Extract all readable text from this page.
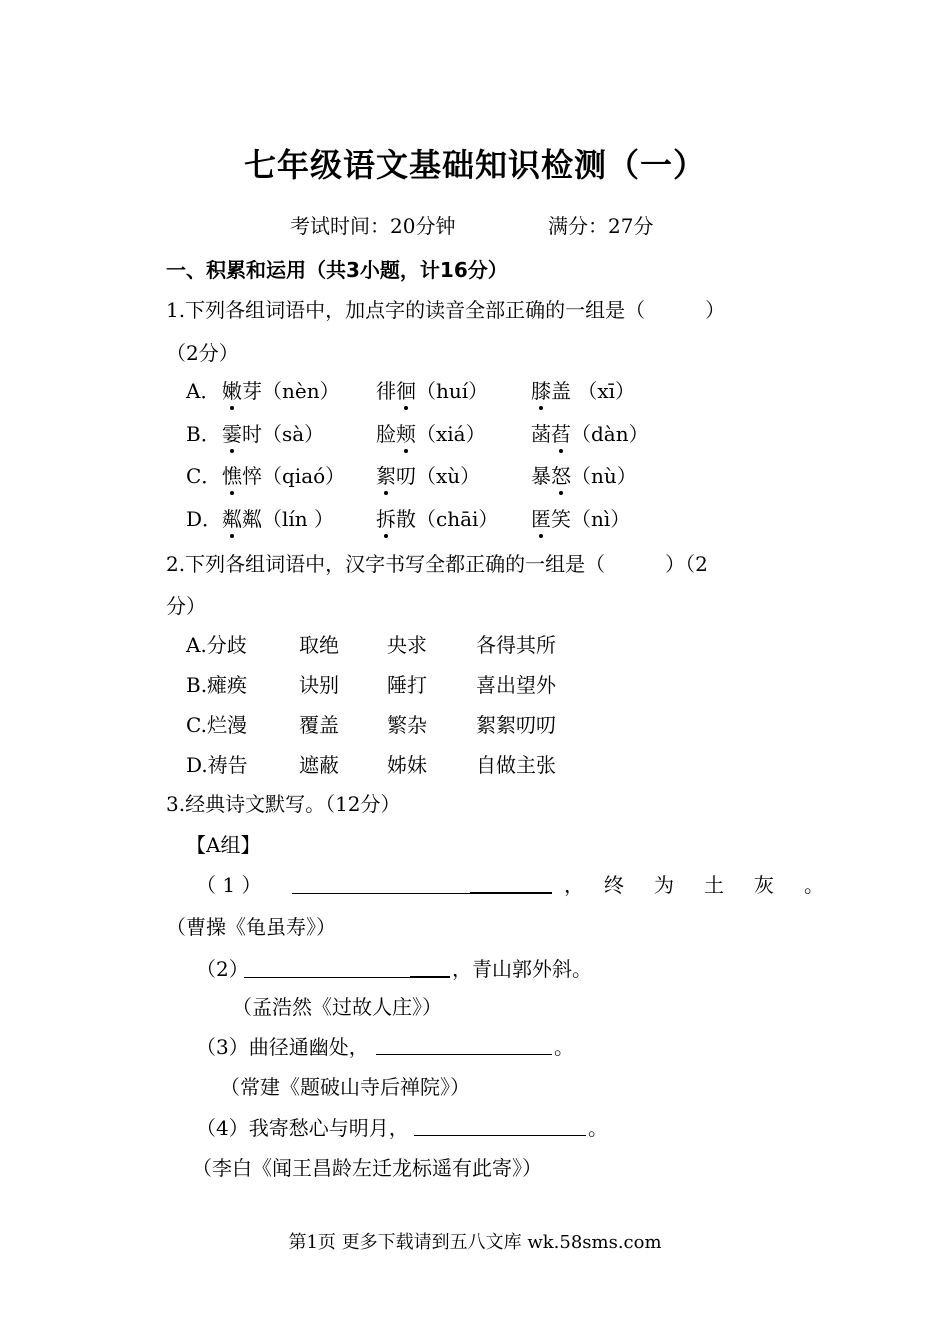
七年级语文基础知识检测（一）
考试时间：20分钟	满分：27分
一、积累和运用（共3小题，计16分）
1.下列各组词语中，加点字的读音全部正确的一组是（　　　）
（2分）
A． 嫩芽（nèn） 徘徊（huí） 膝盖 （xī）
B． 霎时（sà）	脸颊（xiá） 菡萏（dàn）
C． 憔悴（qiaó） 絮叨（xù）	暴怒（nù）
D． 粼粼（lín ） 拆散（chāi） 匿笑（nì）
2.下列各组词语中，汉字书写全都正确的一组是（　　　）（2
分）
A.分歧	取绝 央求 各得其所
B.瘫痪	诀别 陲打 喜出望外
C.烂漫	覆盖 繁杂 絮絮叨叨
D.祷告	遮蔽 姊妹 自做主张
3.经典诗文默写。（12分）
【A组】
（ 1 ）	，　终　为　土　灰　。
（曹操《龟虽寿》）
（2）	，青山郭外斜。
（孟浩然《过故人庄》）
（3）曲径通幽处，	。
（常建《题破山寺后禅院》）
（4）我寄愁心与明月，	。
（李白《闻王昌龄左迁龙标遥有此寄》）
第1页 更多下载请到五八文库 wk.58sms.com
